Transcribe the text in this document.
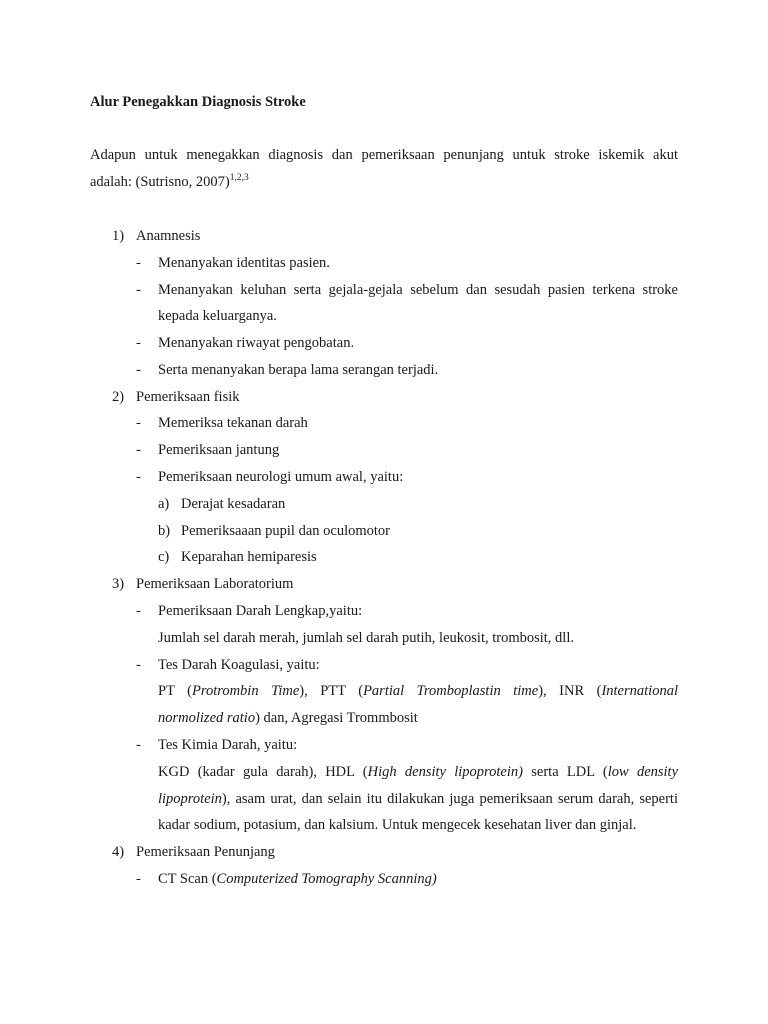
Alur Penegakkan Diagnosis Stroke
Adapun untuk menegakkan diagnosis dan pemeriksaan penunjang untuk stroke iskemik akut
adalah: (Sutrisno, 2007)$^{1,2,3}$
1) Anamnesis
- Menanyakan identitas pasien.
- Menanyakan keluhan serta gejala-gejala sebelum dan sesudah pasien terkena stroke
kepada keluarganya.
- Menanyakan riwayat pengobatan.
- Serta menanyakan berapa lama serangan terjadi.
2) Pemeriksaan fisik
- Memeriksa tekanan darah
- Pemeriksaan jantung
- Pemeriksaan neurologi umum awal, yaitu:
a) Derajat kesadaran
b) Pemeriksaaan pupil dan oculomotor
c) Keparahan hemiparesis
3) Pemeriksaan Laboratorium
- Pemeriksaan Darah Lengkap,yaitu:
Jumlah sel darah merah, jumlah sel darah putih, leukosit, trombosit, dll.
- Tes Darah Koagulasi, yaitu:
PT (Protrombin Time), PTT (Partial Tromboplastin time), INR (International
normolized ratio) dan, Agregasi Trommbosit
- Tes Kimia Darah, yaitu:
KGD (kadar gula darah), HDL (High density lipoprotein) serta LDL (low density
lipoprotein), asam urat, dan selain itu dilakukan juga pemeriksaan serum darah, seperti
kadar sodium, potasium, dan kalsium. Untuk mengecek kesehatan liver dan ginjal.
4) Pemeriksaan Penunjang
- CT Scan (Computerized Tomography Scanning)
